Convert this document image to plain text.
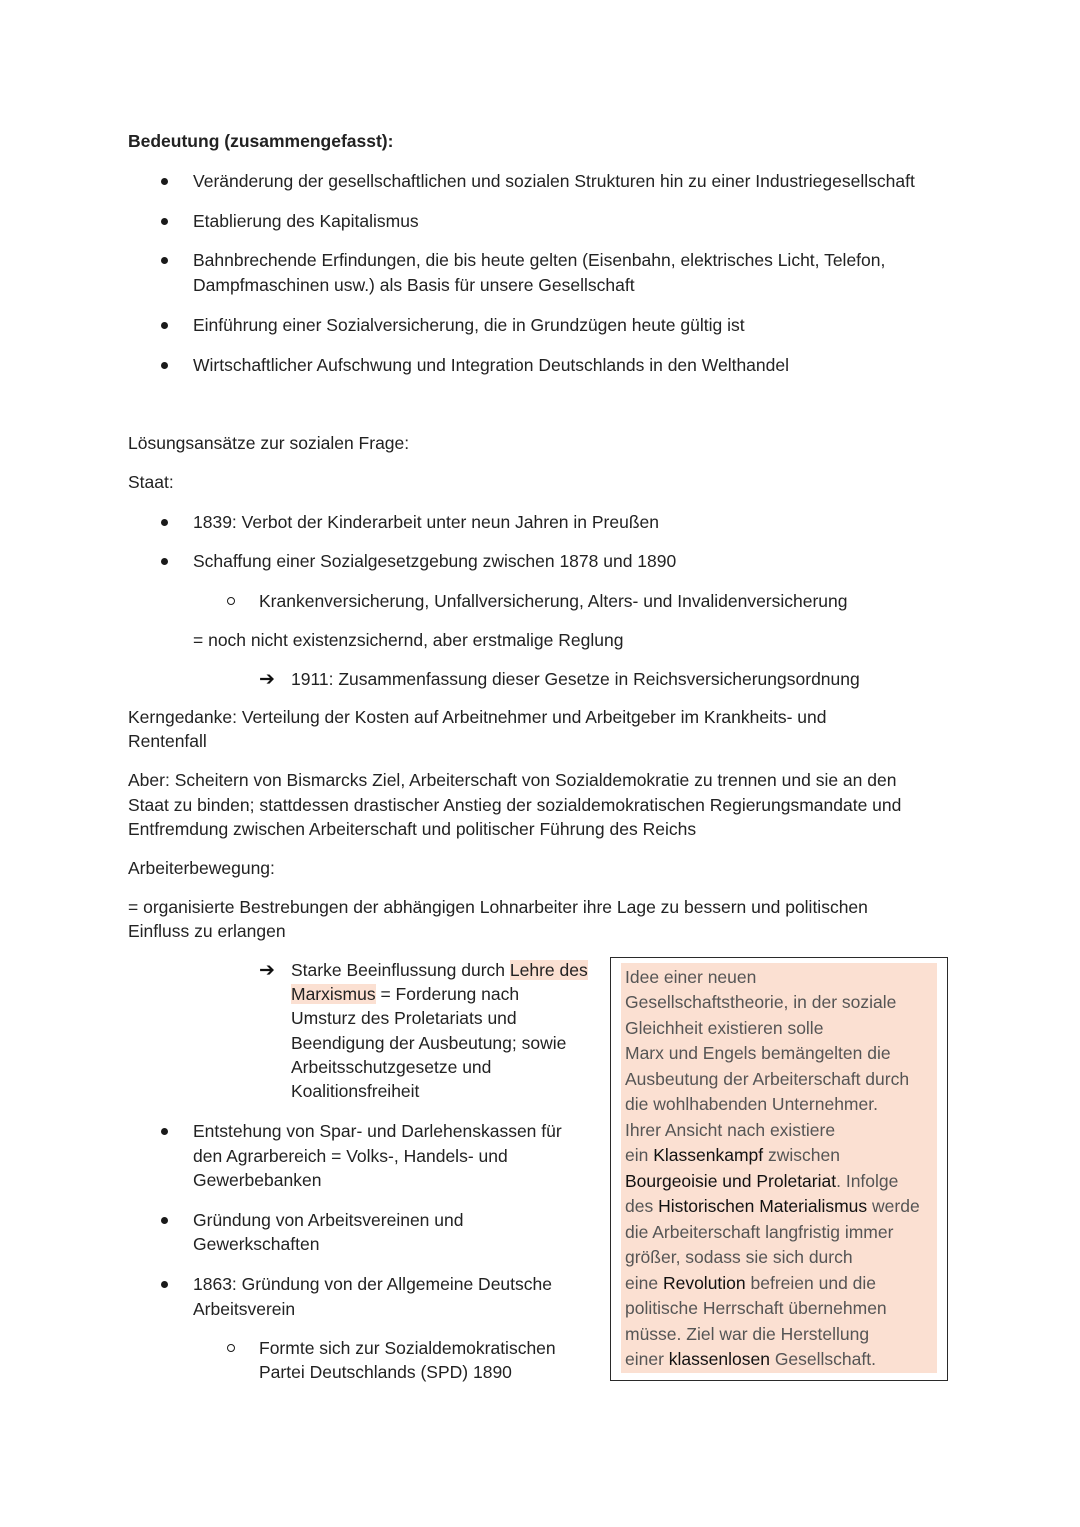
Bedeutung (zusammengefasst):
Veränderung der gesellschaftlichen und sozialen Strukturen hin zu einer Industriegesellschaft
Etablierung des Kapitalismus
Bahnbrechende Erfindungen, die bis heute gelten (Eisenbahn, elektrisches Licht, Telefon,
Dampfmaschinen usw.) als Basis für unsere Gesellschaft
Einführung einer Sozialversicherung, die in Grundzügen heute gültig ist
Wirtschaftlicher Aufschwung und Integration Deutschlands in den Welthandel
Lösungsansätze zur sozialen Frage:
Staat:
1839: Verbot der Kinderarbeit unter neun Jahren in Preußen
Schaffung einer Sozialgesetzgebung zwischen 1878 und 1890
Krankenversicherung, Unfallversicherung, Alters- und Invalidenversicherung
= noch nicht existenzsichernd, aber erstmalige Reglung
➔ 1911: Zusammenfassung dieser Gesetze in Reichsversicherungsordnung
Kerngedanke: Verteilung der Kosten auf Arbeitnehmer und Arbeitgeber im Krankheits- und
Rentenfall
Aber: Scheitern von Bismarcks Ziel, Arbeiterschaft von Sozialdemokratie zu trennen und sie an den
Staat zu binden; stattdessen drastischer Anstieg der sozialdemokratischen Regierungsmandate und
Entfremdung zwischen Arbeiterschaft und politischer Führung des Reichs
Arbeiterbewegung:
= organisierte Bestrebungen der abhängigen Lohnarbeiter ihre Lage zu bessern und politischen
Einfluss zu erlangen
➔ Starke Beeinflussung durch Lehre des
Marxismus = Forderung nach
Umsturz des Proletariats und
Beendigung der Ausbeutung; sowie
Arbeitsschutzgesetze und
Koalitionsfreiheit
Entstehung von Spar- und Darlehenskassen für
den Agrarbereich = Volks-, Handels- und
Gewerbebanken
Gründung von Arbeitsvereinen und
Gewerkschaften
1863: Gründung von der Allgemeine Deutsche
Arbeitsverein
Formte sich zur Sozialdemokratischen
Partei Deutschlands (SPD) 1890
Idee einer neuen
Gesellschaftstheorie, in der soziale
Gleichheit existieren solle
Marx und Engels bemängelten die
Ausbeutung der Arbeiterschaft durch
die wohlhabenden Unternehmer.
Ihrer Ansicht nach existiere
ein Klassenkampf zwischen
Bourgeoisie und Proletariat. Infolge
des Historischen Materialismus werde
die Arbeiterschaft langfristig immer
größer, sodass sie sich durch
eine Revolution befreien und die
politische Herrschaft übernehmen
müsse. Ziel war die Herstellung
einer klassenlosen Gesellschaft.
